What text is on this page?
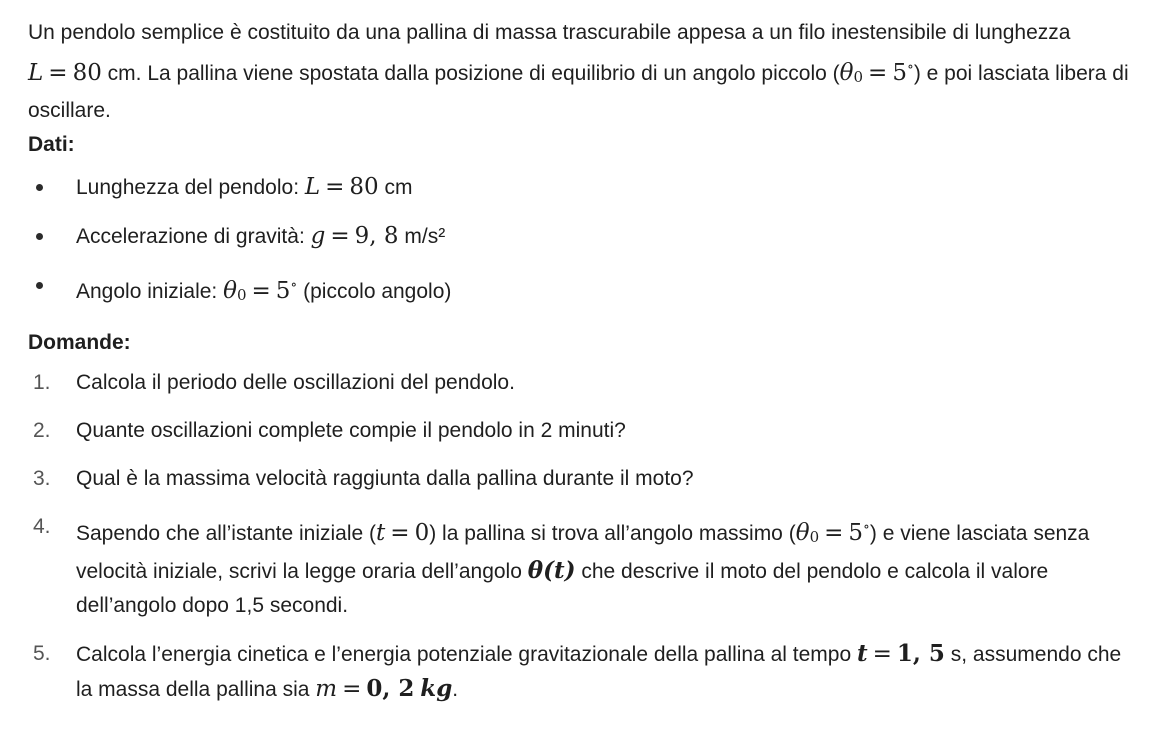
Un pendolo semplice è costituito da una pallina di massa trascurabile appesa a un filo inestensibile di lunghezza L = 80 cm. La pallina viene spostata dalla posizione di equilibrio di un angolo piccolo $(\theta_0 = 5^\circ)$ e poi lasciata libera di oscillare.

Dati:
Lunghezza del pendolo: L = 80 cm
Accelerazione di gravità: g = 9, 8 m/s²
Angolo iniziale: $\theta_0 = 5^\circ$ (piccolo angolo)
Domande:
1. Calcola il periodo delle oscillazioni del pendolo.
2. Quante oscillazioni complete compie il pendolo in 2 minuti?
3. Qual è la massima velocità raggiunta dalla pallina durante il moto?
4. Sapendo che all’istante iniziale (t = 0) la pallina si trova all’angolo massimo $(\theta_0 = 5^\circ)$ e viene lasciata senza velocità iniziale, scrivi la legge oraria dell’angolo θ(t) che descrive il moto del pendolo e calcola il valore dell’angolo dopo 1,5 secondi.
5. Calcola l’energia cinetica e l’energia potenziale gravitazionale della pallina al tempo t = 1, 5 s, assumendo che la massa della pallina sia m = 0, 2 kg.
